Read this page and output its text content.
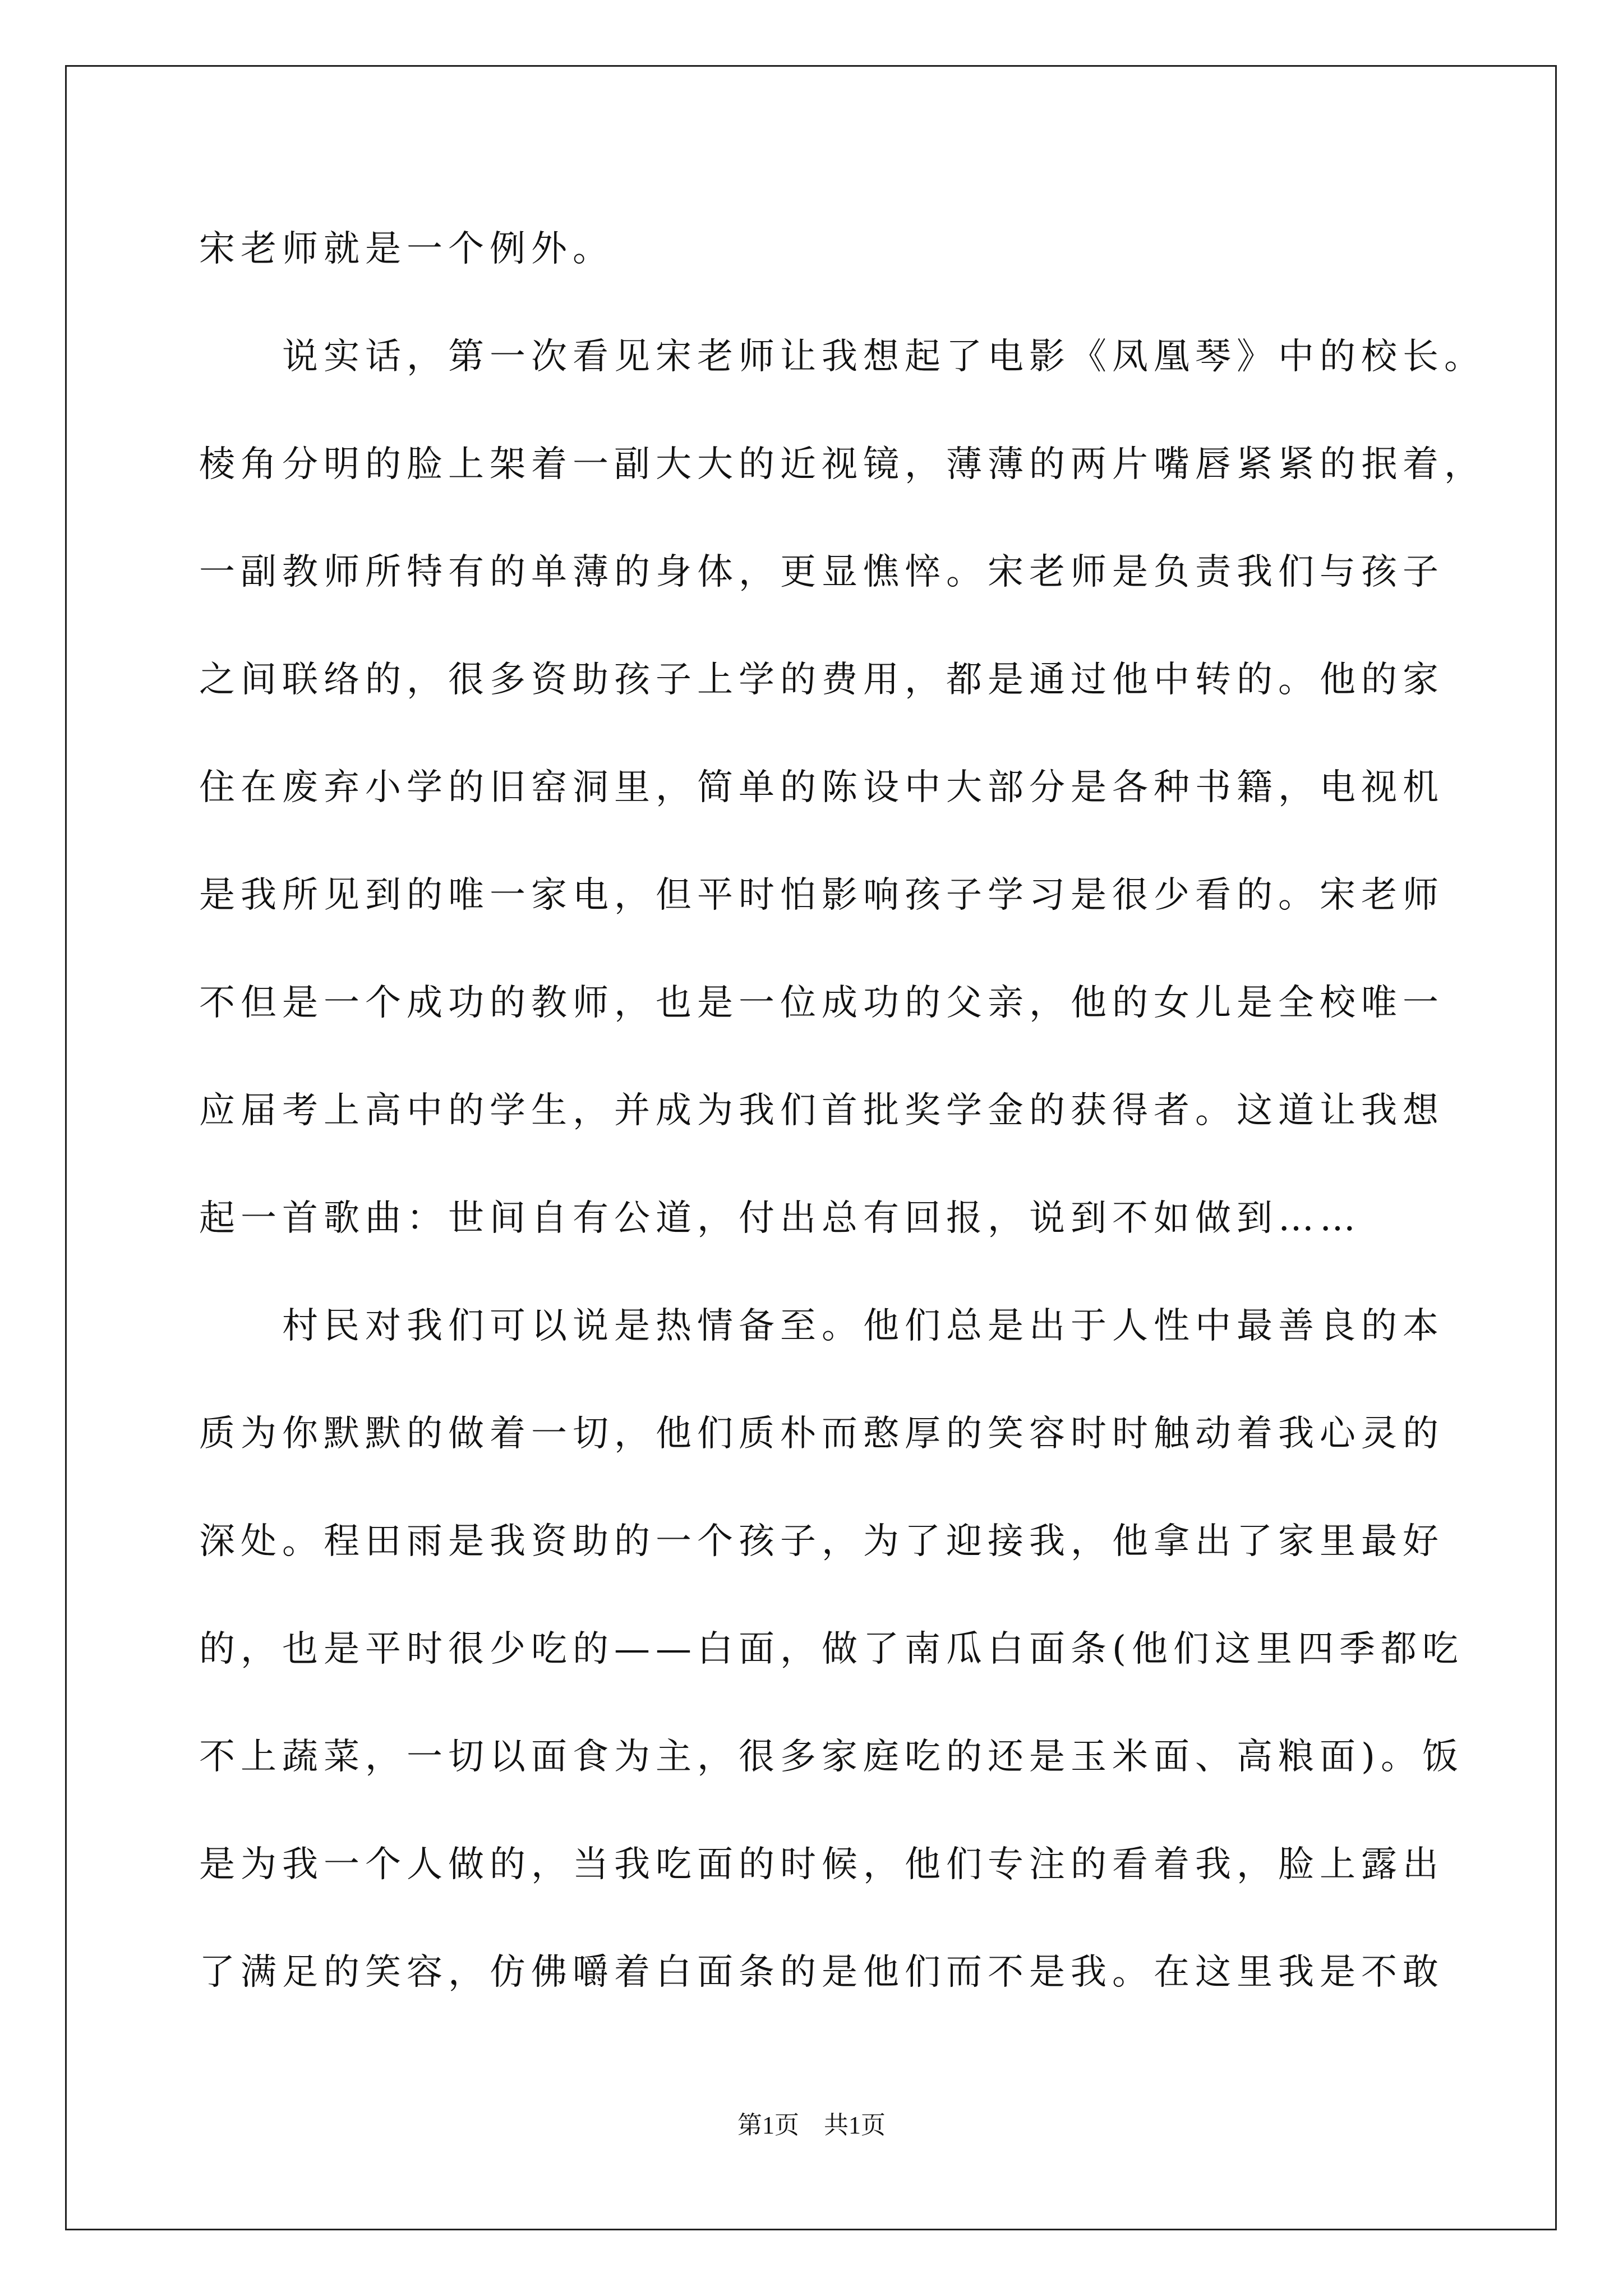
宋老师就是一个例外。
　　说实话，第一次看见宋老师让我想起了电影《凤凰琴》中的校长。
棱角分明的脸上架着一副大大的近视镜，薄薄的两片嘴唇紧紧的抿着，
一副教师所特有的单薄的身体，更显憔悴。宋老师是负责我们与孩子
之间联络的，很多资助孩子上学的费用，都是通过他中转的。他的家
住在废弃小学的旧窑洞里，简单的陈设中大部分是各种书籍，电视机
是我所见到的唯一家电，但平时怕影响孩子学习是很少看的。宋老师
不但是一个成功的教师，也是一位成功的父亲，他的女儿是全校唯一
应届考上高中的学生，并成为我们首批奖学金的获得者。这道让我想
起一首歌曲：世间自有公道，付出总有回报，说到不如做到……
　　村民对我们可以说是热情备至。他们总是出于人性中最善良的本
质为你默默的做着一切，他们质朴而憨厚的笑容时时触动着我心灵的
深处。程田雨是我资助的一个孩子，为了迎接我，他拿出了家里最好
的，也是平时很少吃的——白面，做了南瓜白面条(他们这里四季都吃
不上蔬菜，一切以面食为主，很多家庭吃的还是玉米面、高粮面)。饭
是为我一个人做的，当我吃面的时候，他们专注的看着我，脸上露出
了满足的笑容，仿佛嚼着白面条的是他们而不是我。在这里我是不敢
第1页　共1页
